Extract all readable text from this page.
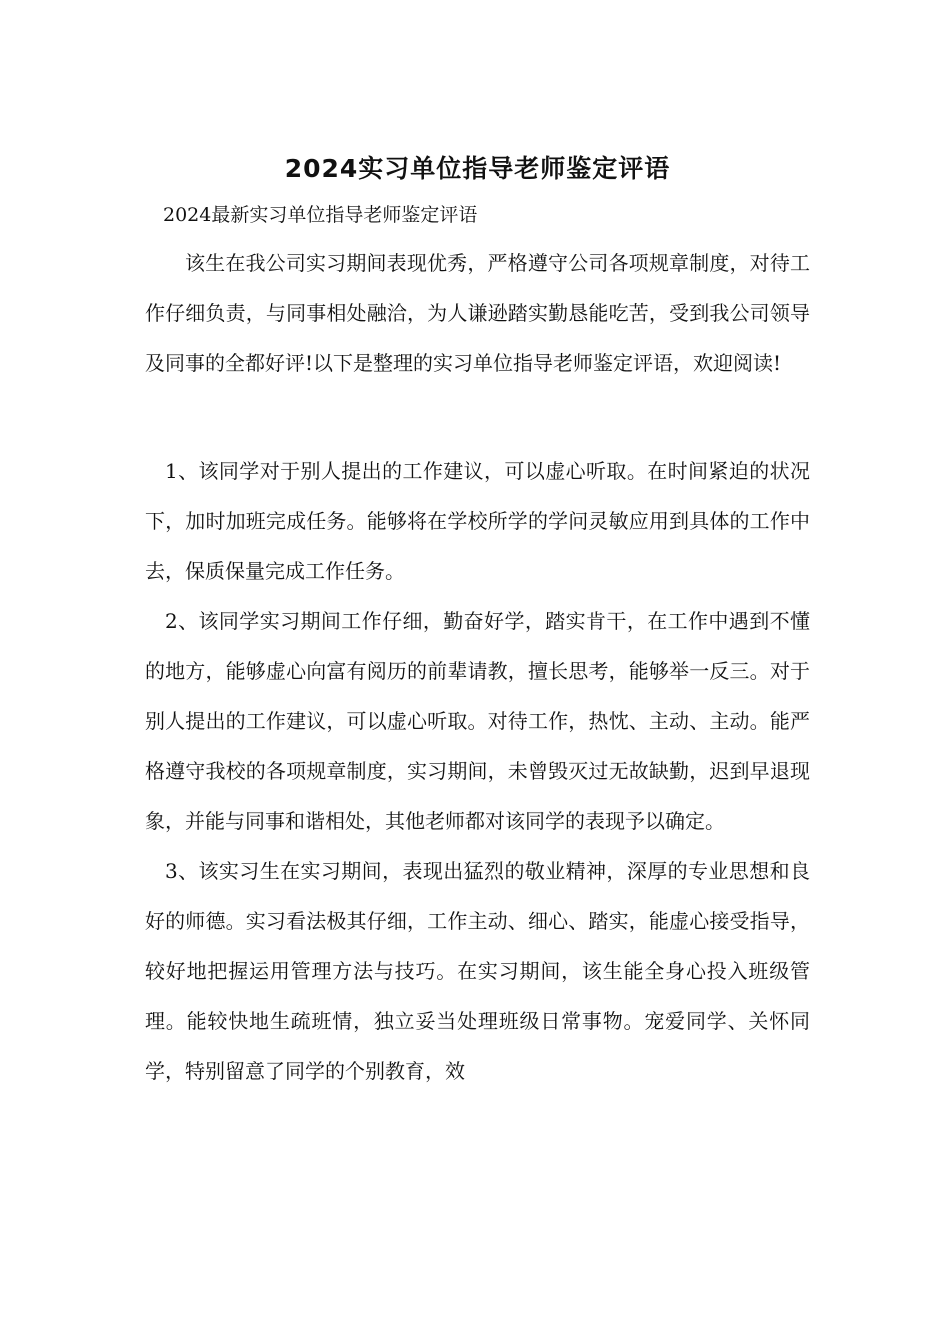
2024实习单位指导老师鉴定评语

2024最新实习单位指导老师鉴定评语

该生在我公司实习期间表现优秀，严格遵守公司各项规章制度，对待工作仔细负责，与同事相处融洽，为人谦逊踏实勤恳能吃苦，受到我公司领导及同事的全都好评!以下是整理的实习单位指导老师鉴定评语，欢迎阅读!

1、该同学对于别人提出的工作建议，可以虚心听取。在时间紧迫的状况下，加时加班完成任务。能够将在学校所学的学问灵敏应用到具体的工作中去，保质保量完成工作任务。

2、该同学实习期间工作仔细，勤奋好学，踏实肯干，在工作中遇到不懂的地方，能够虚心向富有阅历的前辈请教，擅长思考，能够举一反三。对于别人提出的工作建议，可以虚心听取。对待工作，热忱、主动、主动。能严格遵守我校的各项规章制度，实习期间，未曾毁灭过无故缺勤，迟到早退现象，并能与同事和谐相处，其他老师都对该同学的表现予以确定。

3、该实习生在实习期间，表现出猛烈的敬业精神，深厚的专业思想和良好的师德。实习看法极其仔细，工作主动、细心、踏实，能虚心接受指导，较好地把握运用管理方法与技巧。在实习期间，该生能全身心投入班级管理。能较快地生疏班情，独立妥当处理班级日常事物。宠爱同学、关怀同学，特别留意了同学的个别教育，效
